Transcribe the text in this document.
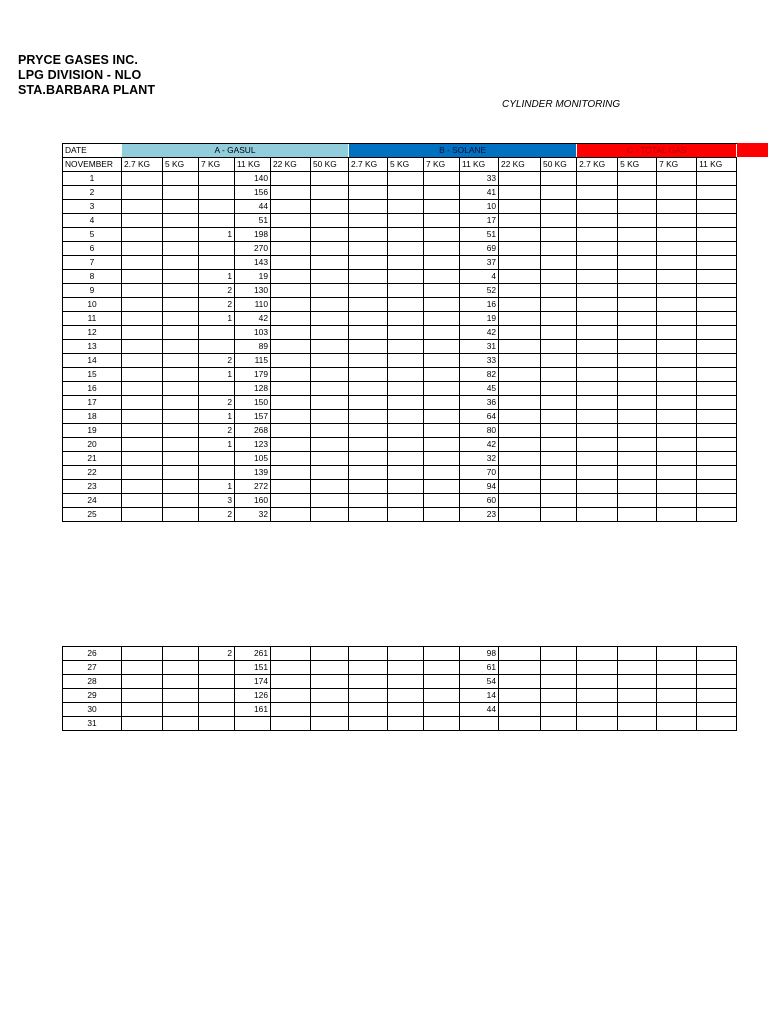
PRYCE GASES INC.
LPG DIVISION - NLO
STA.BARBARA PLANT
CYLINDER MONITORING
DATE	A - GASUL						B - SOLANE						C - TOTAL GAS			
NOVEMBER	2.7 KG	5 KG	7 KG	11 KG	22 KG	50 KG	2.7 KG	5 KG	7 KG	11 KG	22 KG	50 KG	2.7 KG	5 KG	7 KG	11 KG
1				140						33						
2				156						41						
3				44						10						
4				51						17						
5			1	198						51						
6				270						69						
7				143						37						
8			1	19						4						
9			2	130						52						
10			2	110						16						
11			1	42						19						
12				103						42						
13				89						31						
14			2	115						33						
15			1	179						82						
16				128						45						
17			2	150						36						
18			1	157						64						
19			2	268						80						
20			1	123						42						
21				105						32						
22				139						70						
23			1	272						94						
24			3	160						60						
25			2	32						23						
26			2	261						98						
27				151						61						
28				174						54						
29				126						14						
30				161						44						
31																
